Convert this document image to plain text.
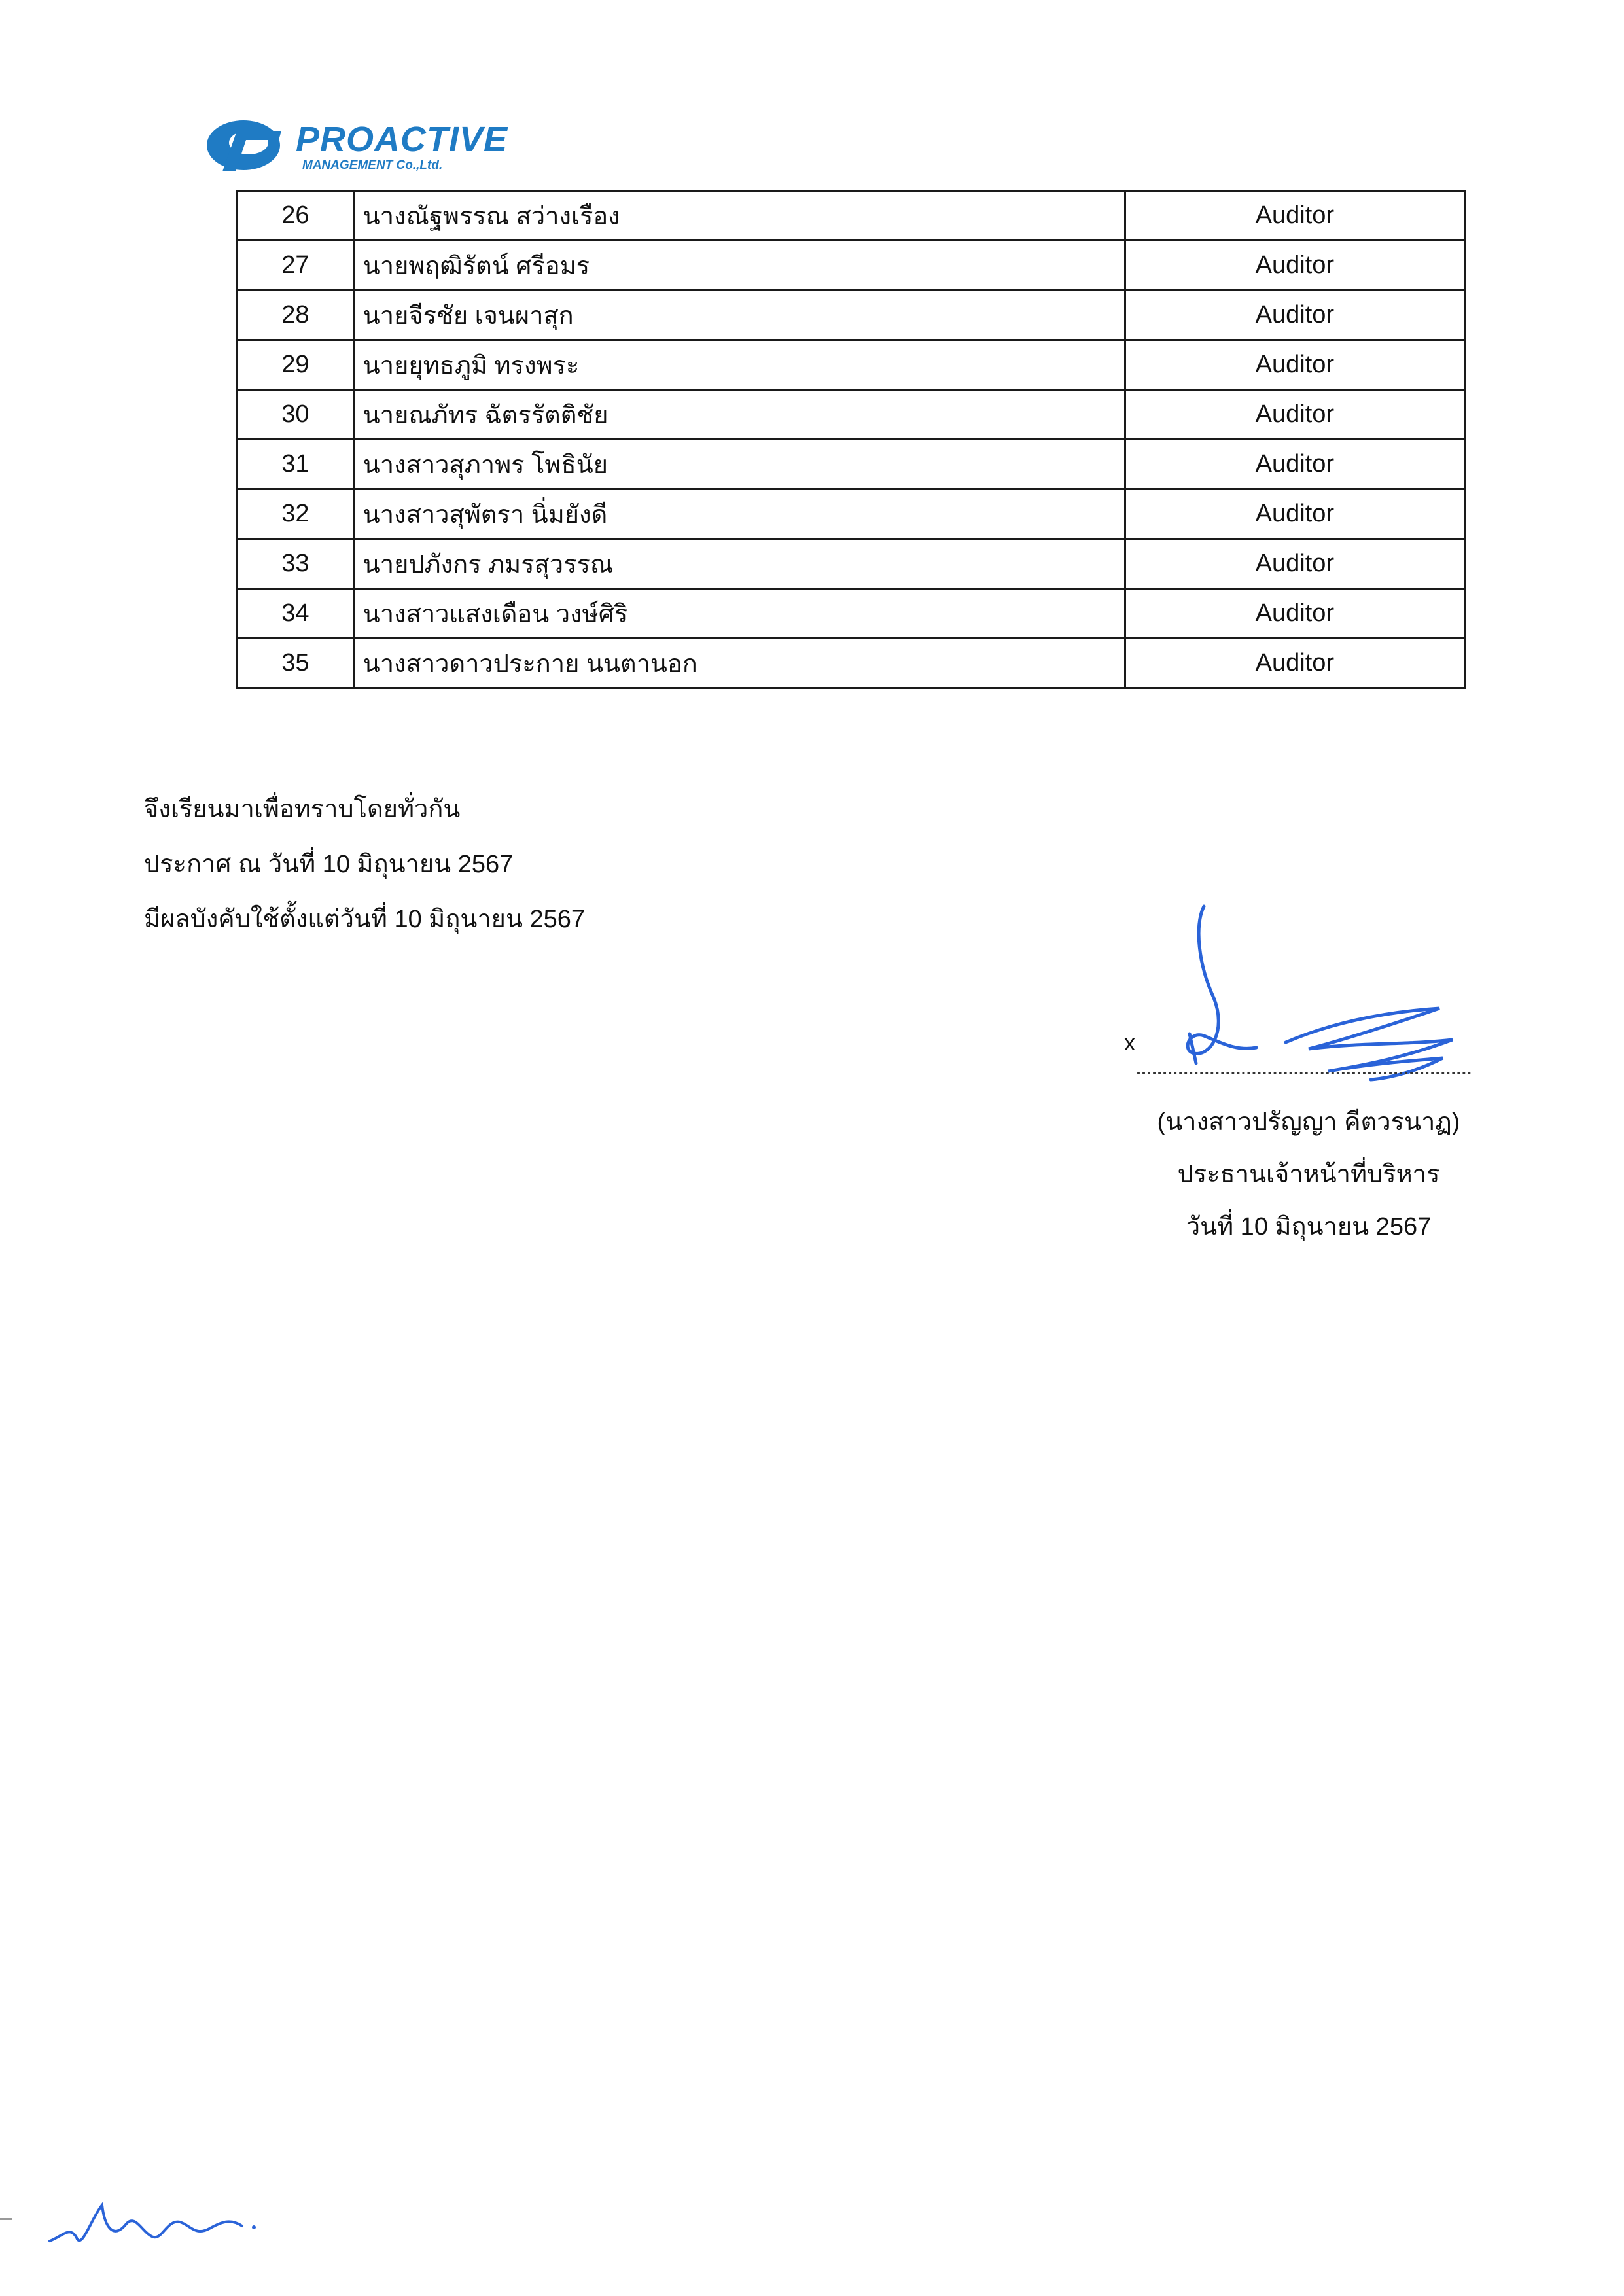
PROACTIVE
MANAGEMENT Co.,Ltd.
26	นางณัฐพรรณ สว่างเรือง	Auditor
27	นายพฤฒิรัตน์ ศรีอมร	Auditor
28	นายจีรชัย เจนผาสุก	Auditor
29	นายยุทธภูมิ ทรงพระ	Auditor
30	นายณภัทร ฉัตรรัตติชัย	Auditor
31	นางสาวสุภาพร โพธินัย	Auditor
32	นางสาวสุพัตรา นิ่มยังดี	Auditor
33	นายปภังกร ภมรสุวรรณ	Auditor
34	นางสาวแสงเดือน วงษ์ศิริ	Auditor
35	นางสาวดาวประกาย นนตานอก	Auditor
จึงเรียนมาเพื่อทราบโดยทั่วกัน
ประกาศ ณ วันที่ 10 มิถุนายน 2567
มีผลบังคับใช้ตั้งแต่วันที่ 10 มิถุนายน 2567
x
(นางสาวปรัญญา คีตวรนาฏ)
ประธานเจ้าหน้าที่บริหาร
วันที่ 10 มิถุนายน 2567
